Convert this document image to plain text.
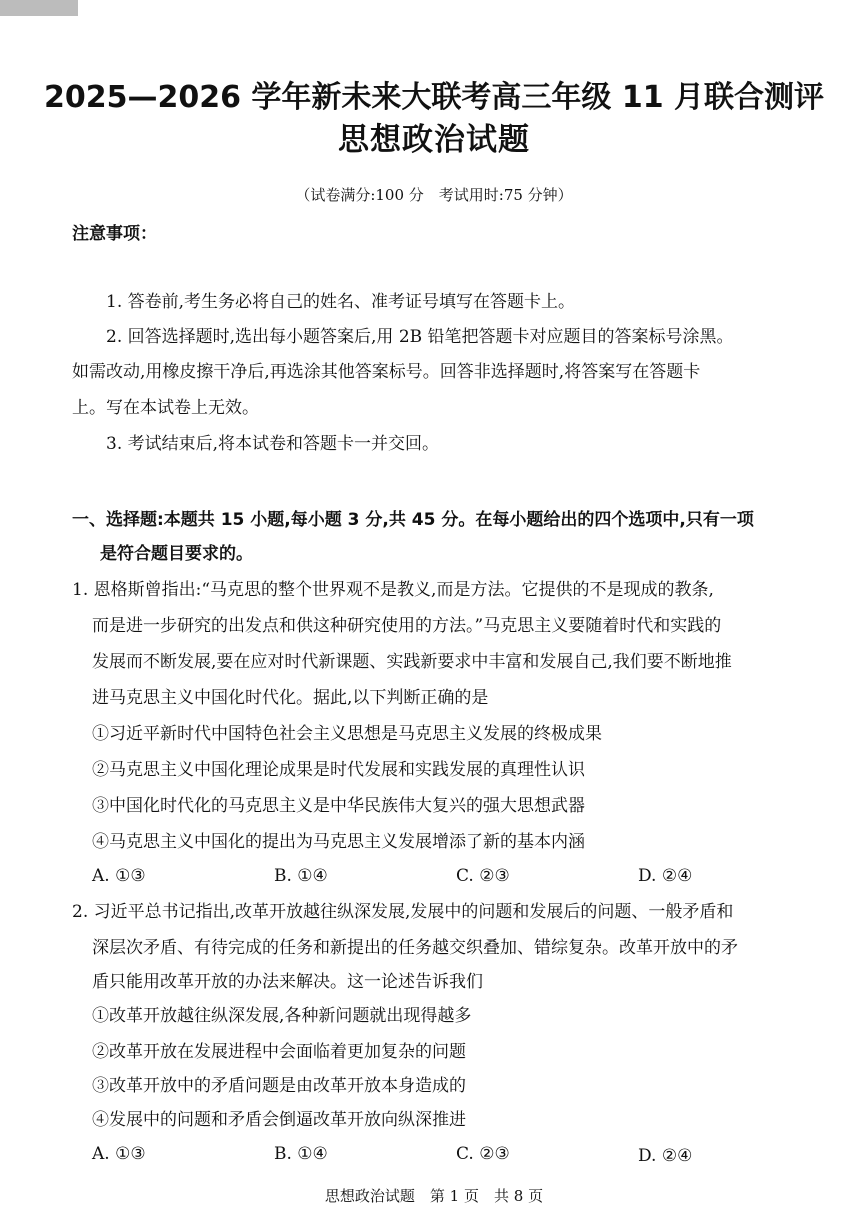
2025—2026 学年新未来大联考高三年级 11 月联合测评
思想政治试题
（试卷满分:100 分　考试用时:75 分钟）
注意事项：
1. 答卷前,考生务必将自己的姓名、准考证号填写在答题卡上。
2. 回答选择题时,选出每小题答案后,用 2B 铅笔把答题卡对应题目的答案标号涂黑。
如需改动,用橡皮擦干净后,再选涂其他答案标号。回答非选择题时,将答案写在答题卡
上。写在本试卷上无效。
3. 考试结束后,将本试卷和答题卡一并交回。
一、选择题:本题共 15 小题,每小题 3 分,共 45 分。在每小题给出的四个选项中,只有一项
是符合题目要求的。
1. 恩格斯曾指出:“马克思的整个世界观不是教义,而是方法。它提供的不是现成的教条,
而是进一步研究的出发点和供这种研究使用的方法。”马克思主义要随着时代和实践的
发展而不断发展,要在应对时代新课题、实践新要求中丰富和发展自己,我们要不断地推
进马克思主义中国化时代化。据此,以下判断正确的是
①习近平新时代中国特色社会主义思想是马克思主义发展的终极成果
②马克思主义中国化理论成果是时代发展和实践发展的真理性认识
③中国化时代化的马克思主义是中华民族伟大复兴的强大思想武器
④马克思主义中国化的提出为马克思主义发展增添了新的基本内涵
A. ①③	B. ①④	C. ②③	D. ②④
2. 习近平总书记指出,改革开放越往纵深发展,发展中的问题和发展后的问题、一般矛盾和
深层次矛盾、有待完成的任务和新提出的任务越交织叠加、错综复杂。改革开放中的矛
盾只能用改革开放的办法来解决。这一论述告诉我们
①改革开放越往纵深发展,各种新问题就出现得越多
②改革开放在发展进程中会面临着更加复杂的问题
③改革开放中的矛盾问题是由改革开放本身造成的
④发展中的问题和矛盾会倒逼改革开放向纵深推进
A. ①③	B. ①④	C. ②③	D. ②④
思想政治试题　第 1 页　共 8 页
